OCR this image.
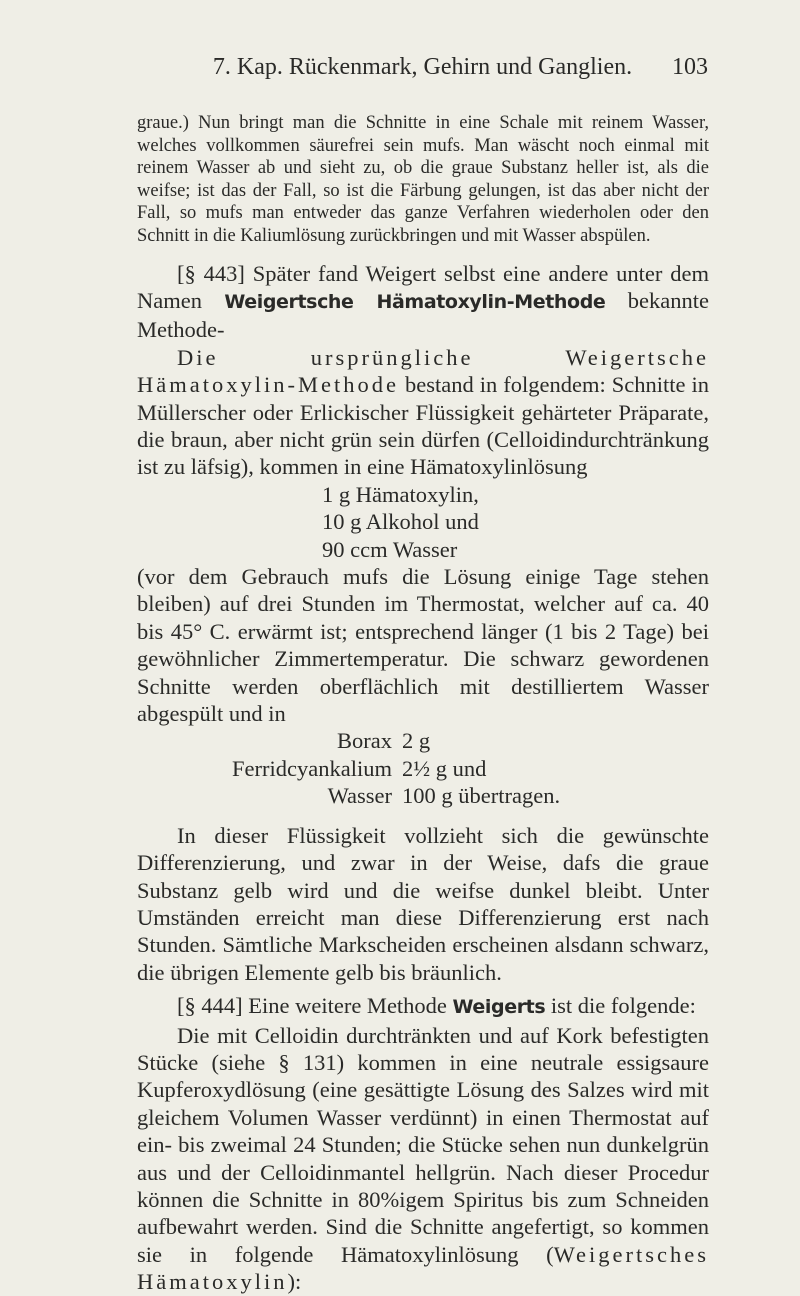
7. Kap. Rückenmark, Gehirn und Ganglien.	103

graue.) Nun bringt man die Schnitte in eine Schale mit reinem Wasser, welches vollkommen säurefrei sein mufs. Man wäscht noch einmal mit reinem Wasser ab und sieht zu, ob die graue Substanz heller ist, als die weifse; ist das der Fall, so ist die Färbung gelungen, ist das aber nicht der Fall, so mufs man entweder das ganze Verfahren wiederholen oder den Schnitt in die Kaliumlösung zurückbringen und mit Wasser abspülen.

[§ 443] Später fand Weigert selbst eine andere unter dem Namen Weigertsche Hämatoxylin-Methode bekannte Methode-

Die ursprüngliche Weigertsche Hämatoxylin-Methode bestand in folgendem: Schnitte in Müllerscher oder Erlickischer Flüssigkeit gehärteter Präparate, die braun, aber nicht grün sein dürfen (Celloidindurchtränkung ist zu läfsig), kommen in eine Hämatoxylinlösung

1 g Hämatoxylin,
10 g Alkohol und
90 ccm Wasser

(vor dem Gebrauch mufs die Lösung einige Tage stehen bleiben) auf drei Stunden im Thermostat, welcher auf ca. 40 bis 45° C. erwärmt ist; entsprechend länger (1 bis 2 Tage) bei gewöhnlicher Zimmertemperatur. Die schwarz gewordenen Schnitte werden oberflächlich mit destilliertem Wasser abgespült und in

Borax 2 g
Ferridcyankalium 2½ g und
Wasser 100 g übertragen.

In dieser Flüssigkeit vollzieht sich die gewünschte Differenzierung, und zwar in der Weise, dafs die graue Substanz gelb wird und die weifse dunkel bleibt. Unter Umständen erreicht man diese Differenzierung erst nach Stunden. Sämtliche Markscheiden erscheinen alsdann schwarz, die übrigen Elemente gelb bis bräunlich.

[§ 444] Eine weitere Methode Weigerts ist die folgende:

Die mit Celloidin durchtränkten und auf Kork befestigten Stücke (siehe § 131) kommen in eine neutrale essigsaure Kupferoxydlösung (eine gesättigte Lösung des Salzes wird mit gleichem Volumen Wasser verdünnt) in einen Thermostat auf ein- bis zweimal 24 Stunden; die Stücke sehen nun dunkelgrün aus und der Celloidinmantel hellgrün. Nach dieser Procedur können die Schnitte in 80%igem Spiritus bis zum Schneiden aufbewahrt werden. Sind die Schnitte angefertigt, so kommen sie in folgende Hämatoxylinlösung (Weigertsches Hämatoxylin):
